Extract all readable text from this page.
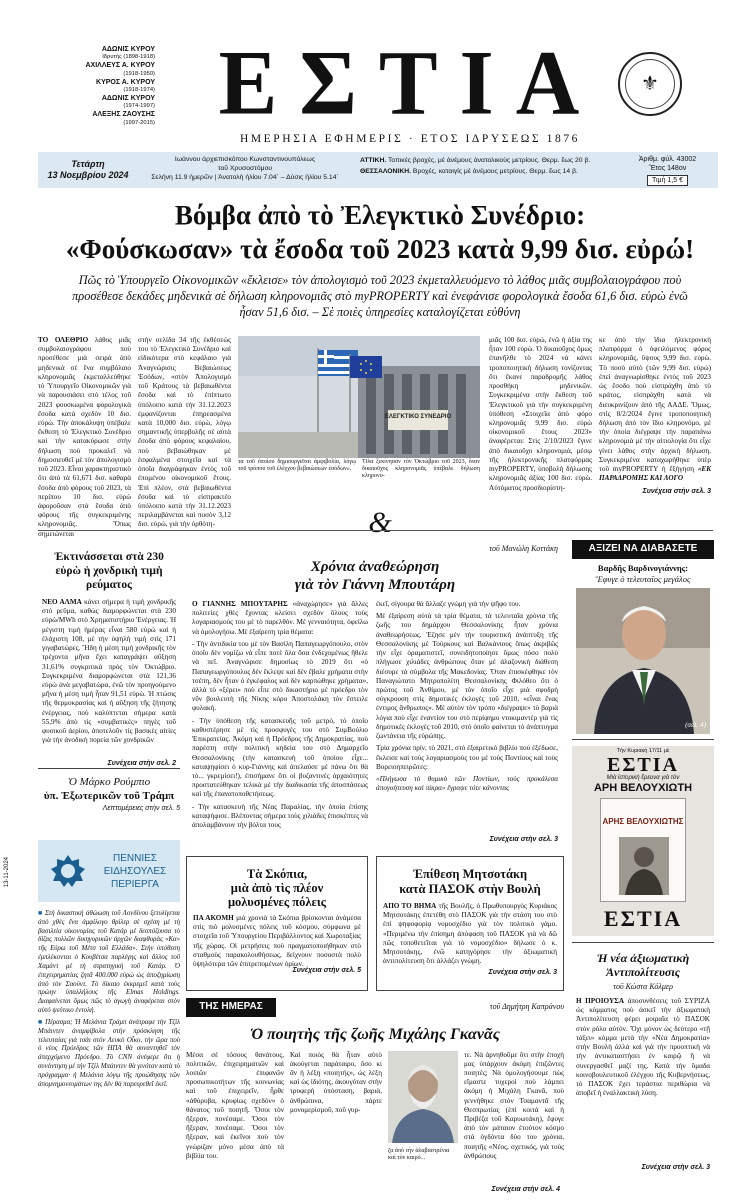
ΑΔΩΝΙΣ ΚΥΡΟΥ
Ιδρυτής (1898-1918)
ΑΧΙΛΛΕΥΣ Α. ΚΥΡΟΥ
(1918-1950)
ΚΥΡΟΣ Α. ΚΥΡΟΥ
(1918-1974)
ΑΔΩΝΙΣ ΚΥΡΟΥ
(1974-1997)
ΑΛΕΞΗΣ ΖΑΟΥΣΗΣ
(1997-2015) ΕΣΤΙΑ
ΗΜΕΡΗΣΙΑ ΕΦΗΜΕΡΙΣ · ΕΤΟΣ ΙΔΡΥΣΕΩΣ 1876
⚜
Τετάρτη
13 Νοεμβρίου 2024
Ιωάννου άρχιεπισκόπου Κωνσταντινουπόλεως
τοῦ Χρυσοστόμου
Σελήνη 11.9 ἡμερῶν | Ἀνατολὴ ἡλίου 7.04΄ – Δύσις ἡλίου 5.14΄
ΑΤΤΙΚΗ. Τοπικές βροχές, μὲ ἀνέμους ἀνατολικοὺς μετρίους. Θερμ. ἕως 20 β.
ΘΕΣΣΑΛΟΝΙΚΗ. Βροχές, καταιγίς μὲ ἀνέμους μετρίους. Θερμ. ἕως 14 β.
Ἀριθμ. φύλ. 43002
Ἔτος 148ον
Τιμὴ 1,5 €
Βόμβα ἀπὸ τὸ Ἐλεγκτικὸ Συνέδριο:
«Φούσκωσαν» τὰ ἔσοδα τοῦ 2023 κατὰ 9,99 δισ. εὐρώ!
Πῶς τὸ Ὑπουργεῖο Οἰκονομικῶν «ἔκλεισε» τὸν ἀπολογισμὸ τοῦ 2023 ἐκμεταλλευόμενο τὸ λάθος μιᾶς συμβολαιογράφου ποὺ προσέθεσε δεκάδες μηδενικὰ σὲ δήλωση κληρονομιᾶς στὸ myPROPERTY καὶ ἐνεφάνισε φορολογικὰ ἔσοδα 61,6 δισ. εὐρὼ ἐνῶ ἦσαν 51,6 δισ. – Σὲ ποιὲς ὑπηρεσίες καταλογίζεται εὐθύνη
ΤΟ ΟΛΕΘΡΙΟ λάθος μιᾶς συμβολαιογράφου ποὺ προσέθεσε μιὰ σειρὰ ἀπὸ μηδενικὰ σὲ ἕνα συμβόλαιο κληρονομιᾶς ἐκμεταλλεύθηκε τὸ Ὑπουργεῖο Οἰκονομικῶν γιὰ νὰ παρουσιάσει στὸ τέλος τοῦ 2023 φουσκωμένα φορολογικὰ ἔσοδα κατὰ σχεδὸν 10 δισ. εὐρώ. Τὴν ἀποκάλυψη ὑπέβαλε ἔκθεση τὸ Ἐλεγκτικὸ Συνέδριο καὶ τὴν κατακύρωσε στὴν δήλωση ποὺ προκαλεῖ νὰ δημοσιευθεῖ μὲ τὸν ἀπολογισμὸ τοῦ 2023. Εἶναι χαρακτηριστικὸ ὅτι ἀπὸ τὰ 61,671 δισ. καθαρὰ ἔσοδα ἀπὸ φόρους τοῦ 2023, τὰ περίπου 10 δισ. εὐρὼ ἀφοροῦσαν στὰ ἔσοδα ἀπὸ φόρους τῆς συγκεκριμένης κληρονομιᾶς. Ὅπως σημειώνεται
στὴν σελίδα 34 τῆς ἐκθέσεώς του τὸ Ἐλεγκτικὸ Συνέδριο καὶ εἰδικότερα στὸ κεφάλαιο γιὰ Ἀναγνώρισις Βεβαιώσεως Ἐσόδων, «στὸν Ἀπολογισμὸ τοῦ Κράτους τὰ βεβαιωθέντα ἔσοδα καὶ τὸ ἐπίπτωτο ὑπόλοιπο κατὰ τὴν 31.12.2023 ἐμφανίζονται ἐπηρεασμένα κατὰ 10,000 δισ. εὐρὼ, λόγῳ σημαντικῆς ὑπερβολῆς σὲ αὐτὰ ἔσοδα ἀπὸ φόρους κεφαλαίου, ποὺ βεβαιώθηκαν μὲ ἐσφαλμένα στοιχεῖα καὶ τὰ ὁποῖα διαγράφηκαν ἐντὸς τοῦ ἐπομένου οἰκονομικοῦ ἔτους. Ἐπὶ πλέον, στὰ βεβαιωθέντα ἔσοδα καὶ τὸ εἰσπρακτέο ὑπόλοιπο κατὰ τὴν 31.12.2023 περιλαμβάνεται καὶ ποσὸν 3,12 δισ. εὐρὼ, γιὰ τὴν ὀρθότη-
ΕΛΕΓΚΤΙΚΟ ΣΥΝΕΔΡΙΟ
τα τοῦ ὁποίου δημιουργεῖται ἀμφιβολία, λόγῳ τοῦ τρόπου τοῦ ἐλέγχου βεβαιώσεων ἐσόδων».
Ὅλα ξεκίνησαν τὸν Ὀκτώβριο τοῦ 2023, ὅταν δικαιοῦχος κληρονομιᾶς ὑπέβαλε δήλωση κληρονο-
μιᾶς 100 δισ. εὐρὼ, ἐνῶ ἡ ἀξία της ἦταν 100 εὐρὼ. Ὁ δικαιοῦχος ὅμως ἐπανῆλθε τὸ 2024 νὰ κάνει τροποποιητικὴ δήλωση τονίζοντας ὅτι ἔκανε παραδρομῆς λάθος προσθήκη μηδενικῶν. Συγκεκριμένα στὴν ἔκθεση τοῦ Ἐλεγκτικοῦ γιὰ τὴν συγκεκριμένη ὑπόθεση «Στοιχεῖα ἀπὸ φόρο κληρονομιᾶς 9,99 δισ. εὐρὼ οἰκονομικοῦ ἔτους 2023» ἀναφέρεται: Στὶς 2/10/2023 ἔγινε ἀπὸ δικαιοῦχο κληρονομιὰ, μέσῳ τῆς ἠλεκτρονικῆς πλατφόρμας myPROPERTY, ὑποβολὴ δήλωσης κληρονομιᾶς ἀξίας 100 δισ. εὐρὼ. Αὐτόματος προσδιορίστη-
κε ἀπὸ τὴν ἴδια ἠλεκτρονικὴ πλατφόρμα ὁ ὀφειλόμενος φόρος κληρονομιᾶς, ὕψους 9,99 δισ. εὐρὼ. Τὸ ποσὸ αὐτὸ (τῶν 9,99 δισ. εὐρὼ) ἐπεὶ ἀναγνωρίσθηκε ἐντὸς τοῦ 2023 ὡς ἔσοδο ποὺ εἰσπράχθη ἀπὸ τὸ κράτος, εἰσπράχθη κατὰ νὰ διευκρινίζουν ἀπὸ τῆς ΑΑΔΕ. Ὅμως, στὶς 8/2/2024 ἔγινε τροποποιητικὴ δήλωση ἀπὸ τὸν ἴδιο κληρονόμο, μὲ τὴν ὁποία διέγραψε τὴν παραπάνω κληρονομιὰ μὲ τὴν αἰτιολογία ὅτι εἶχε γίνει λάθος στὴν ἀρχικὴ δήλωση. Συγκεκριμένα καταχωρήθηκε ὑπὲρ τοῦ myPROPERTY ἡ ἔξήγηση «ΕΚ ΠΑΡΑΔΡΟΜΗΣ ΚΑΙ ΛΟΓΟ
Συνέχεια στὴν σελ. 3
&
Ἐκτινάσσεται στὰ 230 εὐρὼ ἡ χονδρικὴ τιμὴ ρεύματος
ΝΕΟ ΑΛΜΑ κάνει σήμερα ἡ τιμὴ χονδρικῆς στὸ ρεῦμα, καθὼς διαμορφώνεται στὰ 230 εὐρὼ/MWh στὸ Χρηματιστήριο Ἐνέργειας. Ἡ μέγιστη τιμὴ ἡμέρας εἶναι 580 εὐρὼ καὶ ἡ ἐλάχιστη 108, μὲ τὴν ὑψηλὴ τιμὴ στὶς 171 γιγαβατώρες. Ἤδη ἡ μέση τιμὴ χονδρικῆς τὸν τρέχοντα μῆνα ἔχει καταγράψει αὔξηση 31,61% συγκριτικὰ πρὸς τὸν Ὀκτώβριο. Συγκεκριμένα διαμορφώνεται στὰ 121,36 εὐρὼ ἀνὰ μεγαβατώρα, ἐνῶ τὸν προηγούμενο μῆνα ἡ μέση τιμὴ ἦταν 91,51 εὐρὼ. Ἡ πτώσις τῆς θερμοκρασίας καὶ ἡ αὔξηση τῆς ζήτησης ἐνέργειας, ποὺ καλύπτεται σήμερα κατὰ 55,9% ἀπὸ τὶς «συμβατικές» πηγὲς τοῦ φυσικοῦ ἀερίου, ἀποτελοῦν τὶς βασικὲς αἰτίες γιὰ τὴν ἀνοδικὴ πορεία τῶν χονδρικῶν
Συνέχεια στὴν σελ. 2
Ὁ Μάρκο Ρούμπιο
ὑπ. Ἐξωτερικῶν τοῦ Τράμπ
Λεπτομέρειες στὴν σελ. 5
ΠΕΝΝΙΕΣ
ΕΙΔΗΣΟΥΛΕΣ
ΠΕΡΙΕΡΓΑ

■ Στὴ δικαστικὴ ἀθώωση τοῦ Λονδίνου ξετυλίγεται ἀπὸ χθὲς ἕνα ἀμφίλογο θρίλερ σὲ σχέση μὲ τὴ βασιλεία οἰκονομίας τοῦ Κατάρ μὲ δεσπόζουσα τὸ δίζας πολλῶν δικηγορικῶν ἀρχῶν διαφθοράς «Κα» τῆς Εὐρω τοῦ Μέτσ τοῦ Ελλάδα». Στὴν ὑπόθεση ἐμπλέκονται ὁ Κουβέτσα παρλέγης καὶ ἄλλος τοῦ Χαμάντ μὲ τὴ στρατηγικὴ τοῦ Κατάρ. Ὁ ἐπιχειρηματίας ζητᾶ 400.000 εὐρὼ ὡς ἀποζημίωση ἀπὸ τὸν Σαούντ. Τὸ δίκαιο ἐκκρεμεῖ κατὰ τοὺς πρώην ὑπαλλήλους τῆς Elmas Holdings. Διαφαίνεται ὅμως πῶς τὸ ἀγωγὴ ἀναφέρεται στὸν αὐτὸ ψεύτικο ἐντολὴ.

■ Πέρασμα; Ἡ Μελάνια Τράμπ ἀνάτραφε τὴν Τζίλ Μπάιντεν ἀναμφίβολα στὴν πρόσκληση τῆς τελευταίας γιὰ τσάι στὸν Λευκὸ Οἶκο, τὴν ὥρα ποὺ ὁ νέος Πρόεδρος τῶν ΗΠΑ θὰ συναντηθεῖ τὸν ἀπερχόμενο Πρόεδρο. Τὸ CNN ἀνέφερε ὅτι ἡ συνάντηση μὲ τὴν Τζίλ Μπάιντεν θὰ γινόταν κατὰ τὸ πρόγραμμα· ἡ Μελάνια λόγῳ τῆς προώθησης τῶν ἀπομνημονευμάτων της δὲν θὰ παρευρεθεῖ ἐκεῖ.

τοῦ Μανώλη Κοττάκη
Χρόνια ἀναθεώρηση
γιὰ τὸν Γιάννη Μπουτάρη

Ο ΓΙΑΝΝΗΣ ΜΠΟΥΤΑΡΗΣ «ἀναχώρησε» γιὰ ἄλλες πολιτείες χθὲς ἔχοντας κλείσει σχεδὸν ὅλους τοὺς λογαριασμούς του μὲ τὸ παρελθόν. Μὲ γενναιότητα, ὀφείλω νὰ ὁμολογήσω. Μὲ ἐξαίρεση τρία θέματα:

- Τὴν ἀντιδικία του μὲ τὸν Βασίλη Παπαγεωργόπουλο, στὸν ὁποῖο δὲν νομίζω νὰ εἶπε ποτὲ ὅλα ὅσα ἐνδεχομένως ἤθελε νὰ πεῖ. Ἀναγνώρισε δημοσίως τὸ 2019 ὅτι «ὁ Παπαγεωργόπουλος δὲν ἔκλεψε καὶ δὲν ἔβαλε χρήματα στὴν τσέπη, δὲν ἦταν ὁ ἐγκέφαλος καὶ δὲν καρπώθηκε χρήματα», ἀλλὰ τὸ «ξέρει» ποὺ εἶπε στὸ δικαστήριο μὲ πρόεδρο τὸν νῦν βουλευτὴ τῆς Νίκης κόρο Ἀποστολάκη τὸν ἔστειλε φυλακή.

- Τὴν ὑπόθεση τῆς κατασκευῆς τοῦ μετρό, τὸ ὁποῖο καθυστέρησε μὲ τὶς προσφυγὲς του στὸ ΣυμΒούλιο Ἐπικρατείας. Ἀκόμη καὶ ἡ Πρόεδρος τῆς Δημοκρατίας, ποὺ παρέστη στὴν πολιτικὴ κηδεία του στὸ Δημαρχεῖο Θεσσαλονίκης (τὴν κατασκευὴ τοῦ ὁποίου εἶχε... καταψηφίσει ὁ κυρ-Γιάννης καὶ ἀπελαύσε μὲ πάνω ὅτι θὰ τὸ... γκρεμίσει!), ἐπισήμανε ὅτι οἱ βυζαντινὲς ἀρχαιότητες προστατεύθηκαν τελικὰ μὲ τὴν διαδικασία τῆς ἀποσπάσεως καὶ τῆς ἐπανατοποθετήσεως.

- Τὴν κατασκευὴ τῆς Νέας Παραλίας, τὴν ὁποία ἐπίσης καταψήφισε. Βλέποντας σήμερα τοὺς χιλιάδες ἐπισκέπτες νὰ ἀπολαμβάνουν τὴν βόλτα τους

ἐκεῖ, σίγουρα θὰ ἄλλαζε γνώμη γιὰ τὴν ψῆφο του.

Μὲ ἐξαίρεση αὐτὰ τὰ τρία θέματα, τὰ τελευταῖα χρόνια τῆς ζωῆς του δημάρχου Θεσσαλονίκης ἦταν χρόνια ἀναθεωρήσεως. Ἐζησε μὲν τὴν τουριστικὴ ἀνάπτυξη τῆς Θεσσαλονίκης μὲ Τούρκους καὶ Βαλκάνιους ὅπως ἀκριβῶς τὴν εἶχε ὁραματιστεῖ, συνειδητοποίησε ὅμως πόσο πολὺ πλήγωσε χιλιάδες ἀνθρώπους ὅταν μὲ ἀλαζονικὴ διάθεση διέσυρε τὰ σύμβολα τῆς Μακεδονίας. Ὅταν ἐπισκέφθηκε τὸν Παναγιώτατο Μητροπολίτη Θεσσαλονίκης Φιλόθεο ὅτι ὁ πρώτος τοῦ Ἀνθίμου, μὲ τὸν ὁποῖο εἶχε μιὰ σφοδρὴ σύγκρουση στὶς δημοτικὲς ἐκλογὲς τοῦ 2010, «εἶναι ἕνας ἐντιμος ἄνθρωπος». Μὲ αὐτὸν τὸν τρόπο «διέγραψε» τὸ βαριὰ λόγια ποὺ εἶχε ἐναντίον του στὸ περίφημο ντοκιμαντὲρ γιὰ τὶς δημοτικὲς ἐκλογὲς τοῦ 2010, στὸ ὁποῖο φαίνεται τὸ ἀνάπτυγμα ζωντάνεια τῆς εὐρώπης.

Τρία χρόνια πρίν, τὸ 2021, στὸ ἐξαιρετικὸ βιβλίο ποὺ ἐξέδωσε, ἔκλεισε καὶ τοὺς λογαριασμούς του μὲ τοὺς Ποντίους καὶ τοὺς Βορειοηπειρῶτες:

«Πλήγωσα τὸ θυμικὸ τῶν Ποντίων, τοὺς προκάλεσα ἀπογοήτευση καὶ πίκρα» ἔγραψε τότε κάνοντας

Συνέχεια στὴν σελ. 3
ΑΞΙΖΕΙ ΝΑ ΔΙΑΒΑΣΕΤΕ
Βαρδῆς Βαρδινογιάννης:
Ἔφυγε ὁ τελευταῖος μεγάλος
(σελ. 4)
Τὴν Κυριακή 17/11 μὲ
ΕΣΤΙΑ
Μιὰ ἱστορικὴ ἔρευνα γιὰ τὸν
ΑΡΗ ΒΕΛΟΥΧΙΩΤΗ
ΑΡΗΣ ΒΕΛΟΥΧΙΩΤΗΣ
ΕΣΤΙΑ
Τὰ Σκόπια,
μιὰ ἀπὸ τὶς πλέον
μολυσμένες πόλεις
ΠΑ ΑΚΟΜΗ μιὰ χρονιὰ τὰ Σκόπια βρίσκονται ἀνάμεσα στὶς πιὸ μολυσμένες πόλεις τοῦ κόσμου, σύμφωνα μὲ στοιχεῖα τοῦ Ὑπουργείου Περιβάλλοντος καὶ Χωροταξίας τῆς χώρας. Οἱ μετρήσεις ποὺ πραγματοποιήθηκαν στὸ σταθμοὺς παρακολουθήσεως, δείχνουν ποσοστὰ πολὺ ὑψηλότερα τῶν ἐπιτρεπομένων ὁρίων.
Συνέχεια στὴν σελ. 5
Ἐπίθεση Μητσοτάκη
κατὰ ΠΑΣΟΚ στὴν Βουλὴ
ΑΠΟ ΤΟ ΒΗΜΑ τῆς Βουλῆς, ὁ Πρωθυπουργὸς Κυριάκος Μητσοτάκης ἐπετέθη στὸ ΠΑΣΟΚ γιὰ τὴν στάση του στὸ ἐπὶ ψηφοφορίᾳ νομοσχέδιο γιὰ τὸν πολιτικὸ γάμο. «Περιμένω τὴν ἐπίσημη ἀπόφαση τοῦ ΠΑΣΟΚ γιὰ νὰ δῶ πῶς τοποθετεῖται γιὰ τὸ νομοσχέδιο» δήλωσε ὁ κ. Μητσοτάκης, ἐνῶ κατηγόρησε τὴν ἀξιωματικὴ ἀντιπολίτευση ὅτι ἀλλάζει γνώμη.
Συνέχεια στὴν σελ. 3
Ἡ νέα ἀξιωματικὴ
Ἀντιπολίτευσις
τοῦ Κώστα Κόλμερ
Η ΠΡΟΙΟΥΣΑ ἀποσυνθέσεις τοῦ ΣΥΡΙΖΑ ὡς κόμματος ποὺ ἀσκεῖ τὴν ἀξιωματικὴ Ἀντιπολίτευση φέρει μοιραῖα τὸ ΠΑΣΟΚ στὸν ρόλο αὐτόν. Ὅχι μόνον ὡς δεύτερο «τῇ τάξει» κόμμα μετὰ τὴν «Νέα Δημοκρατία» στὴν Βουλὴ ἀλλὰ καὶ γιὰ τὴν προοπτικὴ νὰ τὴν ἀντικαταστήσει ἐν καιρῷ ἢ νὰ συνεργασθεῖ μαζί της. Κατὰ τὴν ὅμαδα κοινοβουλευτικοῦ ἐλέγχου τῆς Κυβερνήσεως, τὸ ΠΑΣΟΚ ἔχει τεράστια περιθώρια νὰ ἀποβεῖ ἡ ἐναλλακτικὴ λύση.
Συνέχεια στὴν σελ. 3
ΤΗΣ ΗΜΕΡΑΣ	τοῦ Δημήτρη Καπράνου
Ὁ ποιητὴς τῆς ζωῆς Μιχάλης Γκανᾶς

Μέσα σὲ τόσους θανάτους, πολιτικῶν, ἐπιχειρηματιῶν καὶ λοιπῶν ἐπιφανῶν προσωπικοτήτων τῆς κοινωνίας καὶ τοῦ ἐπιχειρεῖν, ἦρθε «ἀθόρυβα, κρυφίως σχεδόν» ὁ θάνατος τοῦ ποιητῆ. Ὅσοι τὸν ἤξεραν, πονέσαμε. Ὅσοι τὸν ἤξεραν, πονέσαμε. Ὅσοι τὸν ἤξεραν, καὶ ἐκεῖνοι ποὺ τὸν γνώριζαν μόνο μέσα ἀπὸ τὰ βιβλία του.

Καὶ ποιὸς θὰ ἦταν αὐτὸ ἀκούγεται παράταιρο, ὅσο κι ἂν ἡ λέξη «ποιητής», ὡς λέξη καὶ ὡς ἰδιότης, ἀκουγόταν στὴν τρυφερὴ ὑπόσταση, βαριὰ, ἀνθρώπινα, πάρτε μονομερίσμοῦ, ποῦ γυρ-

ζα ἀπὸ τὴν ἀλαβαστρένια καὶ τὸν καιρό...

τε. Νὰ ἀρνηθοῦμε ὅτι στὴν ἐποχὴ μας ὑπάρχουν ἀκόμη ἐπιζῶντες ποιητές; Νὰ ὁμολογήσουμε πὼς εἴμαστε τυχεροὶ ποὺ λάμπει ἀκόμη ἡ Μιχάλη Γκανᾶ, ποὺ γεννήθηκε στὸν Τσαμαντᾶ τῆς Θεσπρωτίας (ἑπὶ κοιτὰ καὶ ἡ Πριβέζα τοῦ Καρυωτάκη), ἔφυγε ἀπὸ τὸν μάταιον ἐτούτον κόσμο στὰ ὀγδόντα δύο του χρόνια, ποιητῆς «Νέος, σχετικός, γιὰ τοὺς ἀνθρώπους

Συνέχεια στὴν σελ. 4
13-11-2024
